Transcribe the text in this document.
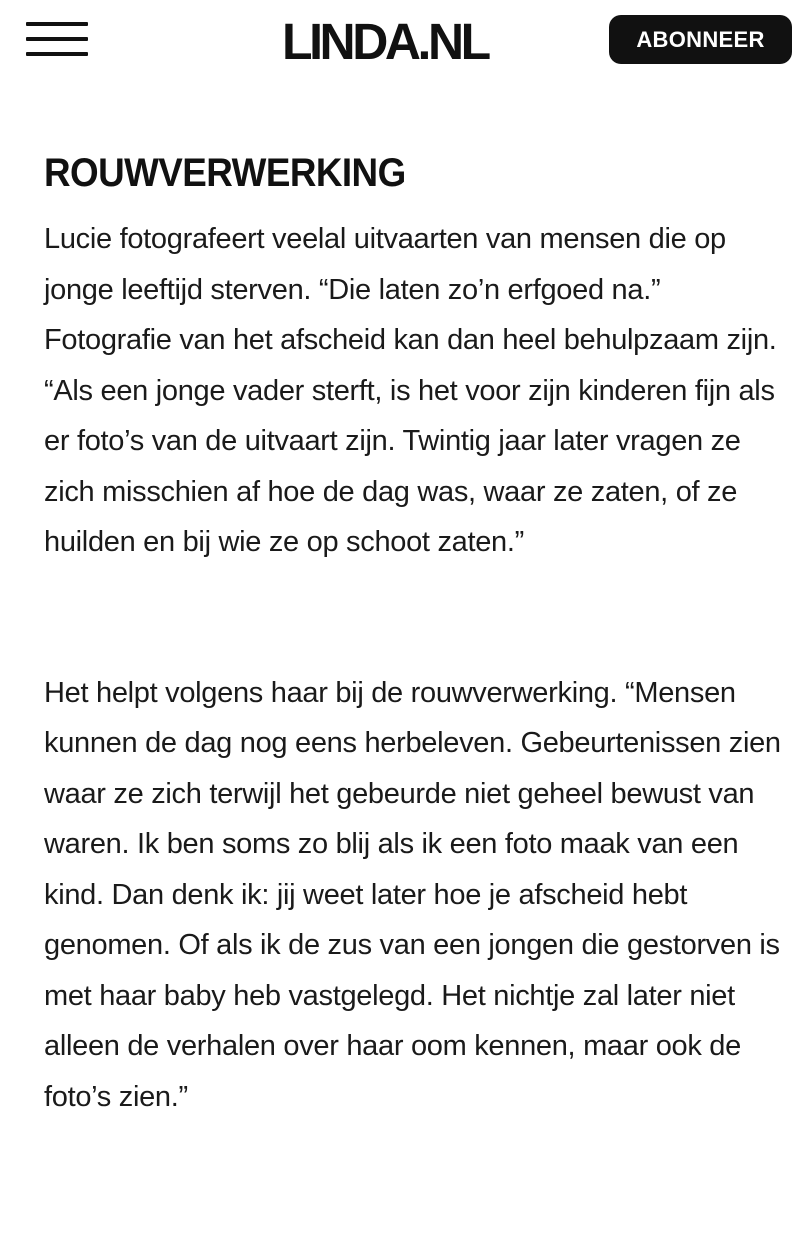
LINDA.NL	ABONNEER
ROUWVERWERKING

Lucie fotografeert veelal uitvaarten van mensen die op jonge leeftijd sterven. “Die laten zo’n erfgoed na.” Fotografie van het afscheid kan dan heel behulpzaam zijn. “Als een jonge vader sterft, is het voor zijn kinderen fijn als er foto’s van de uitvaart zijn. Twintig jaar later vragen ze zich misschien af hoe de dag was, waar ze zaten, of ze huilden en bij wie ze op schoot zaten.”

Het helpt volgens haar bij de rouwverwerking. “Mensen kunnen de dag nog eens herbeleven. Gebeurtenissen zien waar ze zich terwijl het gebeurde niet geheel bewust van waren. Ik ben soms zo blij als ik een foto maak van een kind. Dan denk ik: jij weet later hoe je afscheid hebt genomen. Of als ik de zus van een jongen die gestorven is met haar baby heb vastgelegd. Het nichtje zal later niet alleen de verhalen over haar oom kennen, maar ook de foto’s zien.”
